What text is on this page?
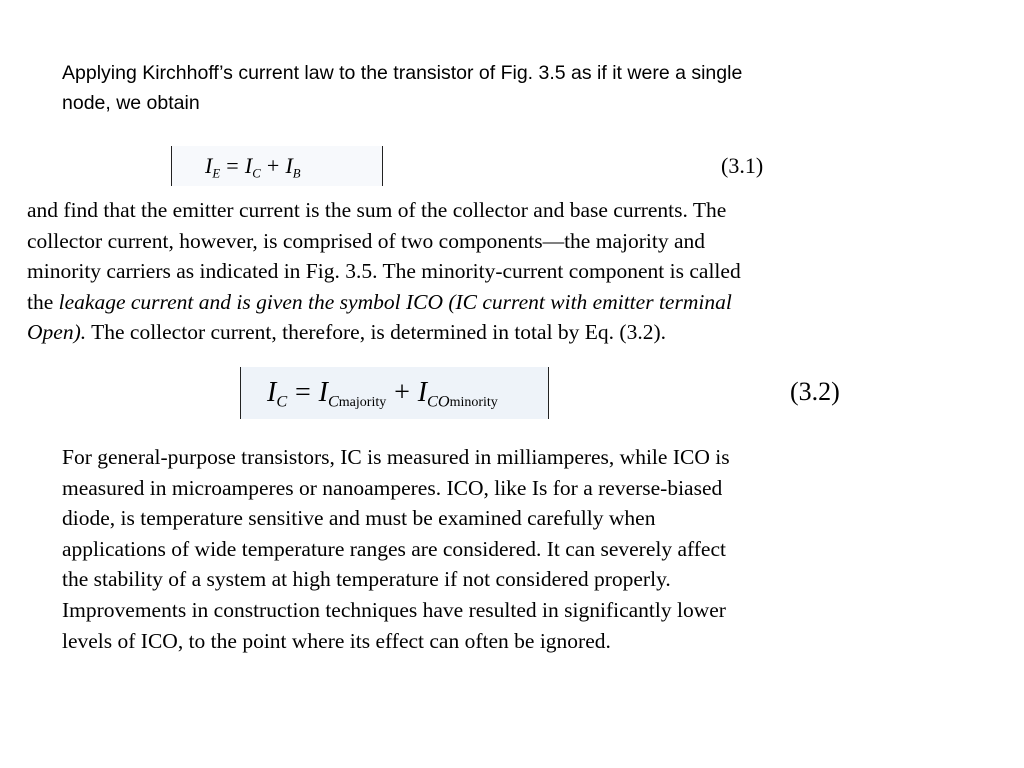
Applying Kirchhoff’s current law to the transistor of Fig. 3.5 as if it were a single
node, we obtain

$I_E = I_C + I_B$	(3.1)

and find that the emitter current is the sum of the collector and base currents. The
collector current, however, is comprised of two components—the majority and
minority carriers as indicated in Fig. 3.5. The minority-current component is called
the leakage current and is given the symbol ICO (IC current with emitter terminal
Open). The collector current, therefore, is determined in total by Eq. (3.2).

$I_C = I_{Cmajority} + I_{COminority}$	(3.2)

For general-purpose transistors, IC is measured in milliamperes, while ICO is
measured in microamperes or nanoamperes. ICO, like Is for a reverse-biased
diode, is temperature sensitive and must be examined carefully when
applications of wide temperature ranges are considered. It can severely affect
the stability of a system at high temperature if not considered properly.
Improvements in construction techniques have resulted in significantly lower
levels of ICO, to the point where its effect can often be ignored.
